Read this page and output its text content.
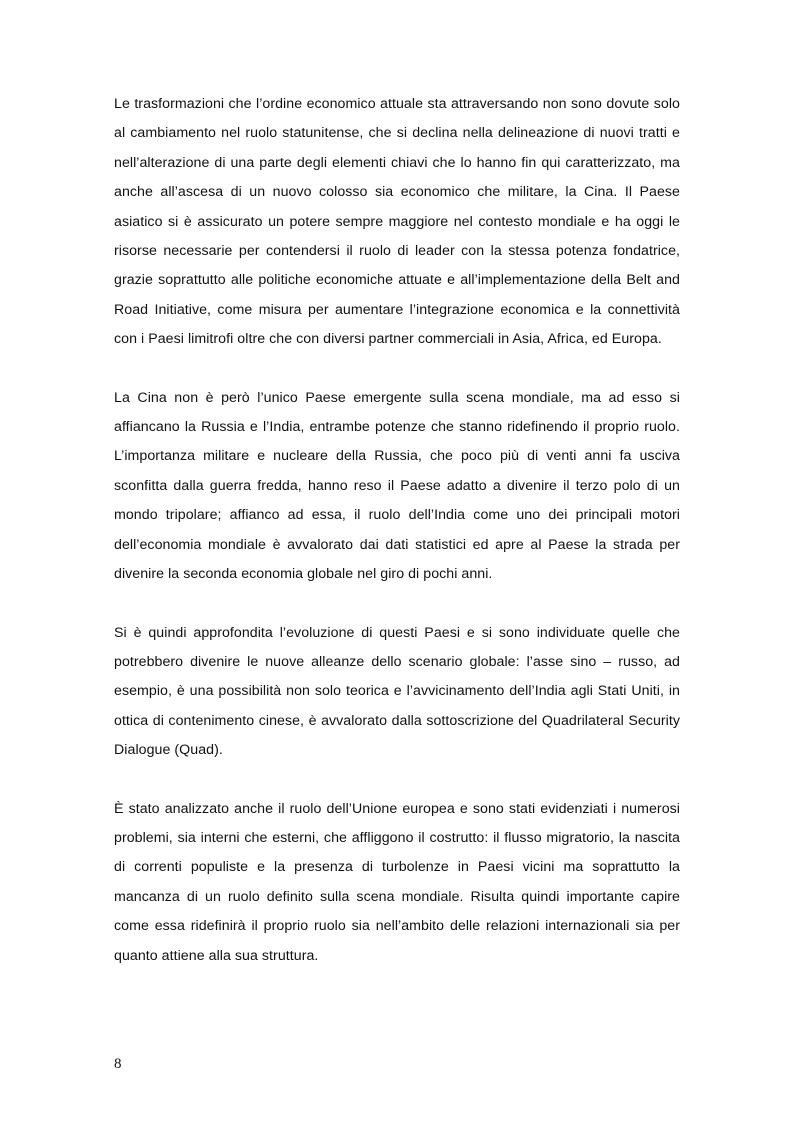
Le trasformazioni che l’ordine economico attuale sta attraversando non sono dovute solo al cambiamento nel ruolo statunitense, che si declina nella delineazione di nuovi tratti e nell’alterazione di una parte degli elementi chiavi che lo hanno fin qui caratterizzato, ma anche all’ascesa di un nuovo colosso sia economico che militare, la Cina. Il Paese asiatico si è assicurato un potere sempre maggiore nel contesto mondiale e ha oggi le risorse necessarie per contendersi il ruolo di leader con la stessa potenza fondatrice, grazie soprattutto alle politiche economiche attuate e all’implementazione della Belt and Road Initiative, come misura per aumentare l’integrazione economica e la connettività con i Paesi limitrofi oltre che con diversi partner commerciali in Asia, Africa, ed Europa.

La Cina non è però l’unico Paese emergente sulla scena mondiale, ma ad esso si affiancano la Russia e l’India, entrambe potenze che stanno ridefinendo il proprio ruolo. L’importanza militare e nucleare della Russia, che poco più di venti anni fa usciva sconfitta dalla guerra fredda, hanno reso il Paese adatto a divenire il terzo polo di un mondo tripolare; affianco ad essa, il ruolo dell’India come uno dei principali motori dell’economia mondiale è avvalorato dai dati statistici ed apre al Paese la strada per divenire la seconda economia globale nel giro di pochi anni.

Si è quindi approfondita l’evoluzione di questi Paesi e si sono individuate quelle che potrebbero divenire le nuove alleanze dello scenario globale: l’asse sino – russo, ad esempio, è una possibilità non solo teorica e l’avvicinamento dell’India agli Stati Uniti, in ottica di contenimento cinese, è avvalorato dalla sottoscrizione del Quadrilateral Security Dialogue (Quad).

È stato analizzato anche il ruolo dell’Unione europea e sono stati evidenziati i numerosi problemi, sia interni che esterni, che affliggono il costrutto: il flusso migratorio, la nascita di correnti populiste e la presenza di turbolenze in Paesi vicini ma soprattutto la mancanza di un ruolo definito sulla scena mondiale. Risulta quindi importante capire come essa ridefinirà il proprio ruolo sia nell’ambito delle relazioni internazionali sia per quanto attiene alla sua struttura.

8
